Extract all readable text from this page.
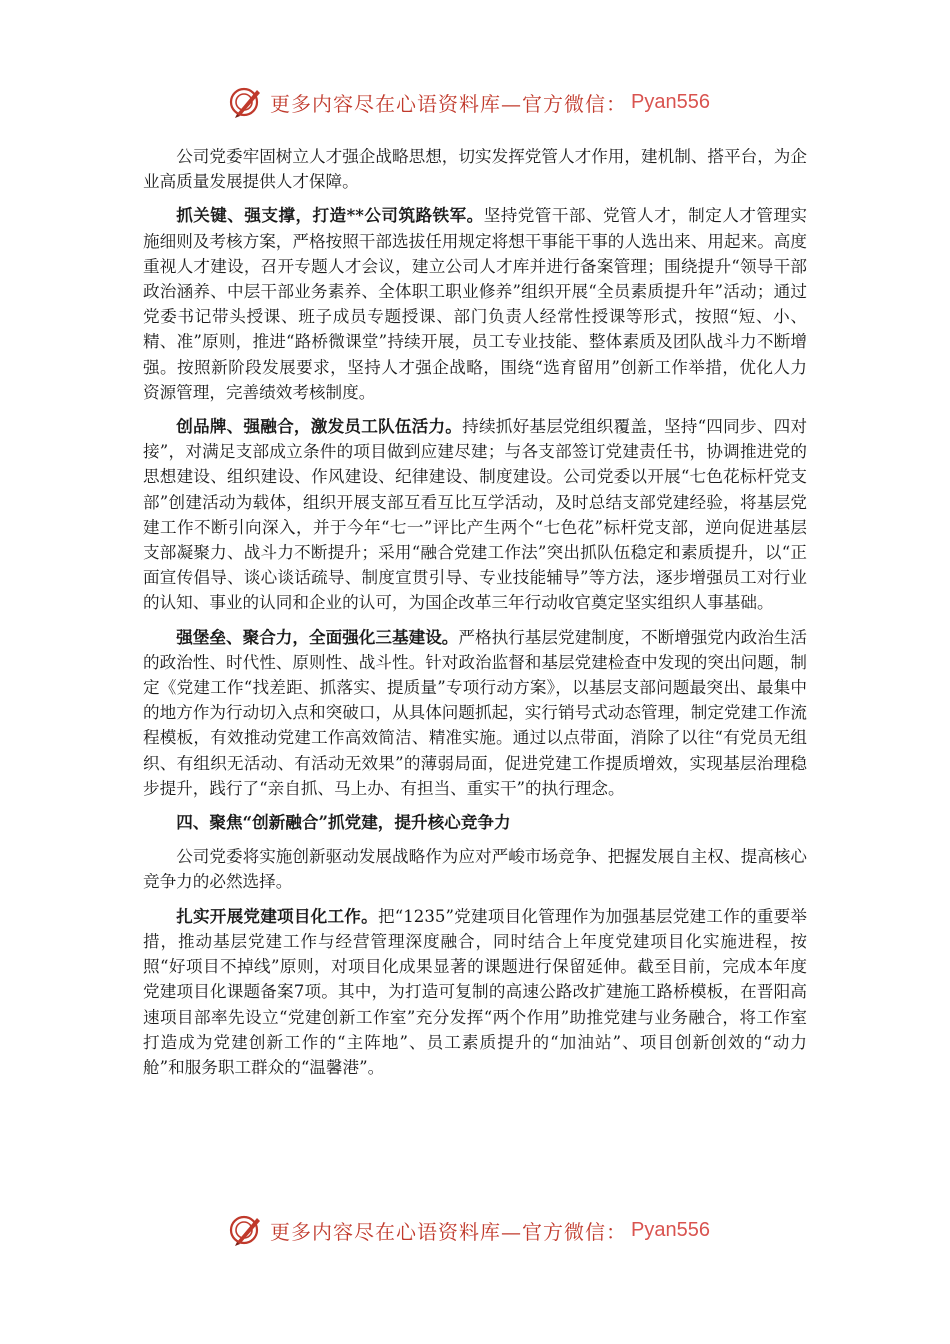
更多内容尽在心语资料库—官方微信： Pyan556

公司党委牢固树立人才强企战略思想，切实发挥党管人才作用，建机制、搭平台，为企业高质量发展提供人才保障。

抓关键、强支撑，打造**公司筑路铁军。坚持党管干部、党管人才，制定人才管理实施细则及考核方案，严格按照干部选拔任用规定将想干事能干事的人选出来、用起来。高度重视人才建设，召开专题人才会议，建立公司人才库并进行备案管理；围绕提升“领导干部政治涵养、中层干部业务素养、全体职工职业修养”组织开展“全员素质提升年”活动；通过党委书记带头授课、班子成员专题授课、部门负责人经常性授课等形式，按照“短、小、精、准”原则，推进“路桥微课堂”持续开展，员工专业技能、整体素质及团队战斗力不断增强。按照新阶段发展要求，坚持人才强企战略，围绕“选育留用”创新工作举措，优化人力资源管理，完善绩效考核制度。

创品牌、强融合，激发员工队伍活力。持续抓好基层党组织覆盖，坚持“四同步、四对接”，对满足支部成立条件的项目做到应建尽建；与各支部签订党建责任书，协调推进党的思想建设、组织建设、作风建设、纪律建设、制度建设。公司党委以开展“七色花标杆党支部”创建活动为载体，组织开展支部互看互比互学活动，及时总结支部党建经验，将基层党建工作不断引向深入，并于今年“七一”评比产生两个“七色花”标杆党支部，逆向促进基层支部凝聚力、战斗力不断提升；采用“融合党建工作法”突出抓队伍稳定和素质提升，以“正面宣传倡导、谈心谈话疏导、制度宣贯引导、专业技能辅导”等方法，逐步增强员工对行业的认知、事业的认同和企业的认可，为国企改革三年行动收官奠定坚实组织人事基础。

强堡垒、聚合力，全面强化三基建设。严格执行基层党建制度，不断增强党内政治生活的政治性、时代性、原则性、战斗性。针对政治监督和基层党建检查中发现的突出问题，制定《党建工作“找差距、抓落实、提质量”专项行动方案》，以基层支部问题最突出、最集中的地方作为行动切入点和突破口，从具体问题抓起，实行销号式动态管理，制定党建工作流程模板，有效推动党建工作高效简洁、精准实施。通过以点带面，消除了以往“有党员无组织、有组织无活动、有活动无效果”的薄弱局面，促进党建工作提质增效，实现基层治理稳步提升，践行了“亲自抓、马上办、有担当、重实干”的执行理念。

四、聚焦“创新融合”抓党建，提升核心竞争力

公司党委将实施创新驱动发展战略作为应对严峻市场竞争、把握发展自主权、提高核心竞争力的必然选择。

扎实开展党建项目化工作。把“1235”党建项目化管理作为加强基层党建工作的重要举措，推动基层党建工作与经营管理深度融合，同时结合上年度党建项目化实施进程，按照“好项目不掉线”原则，对项目化成果显著的课题进行保留延伸。截至目前，完成本年度党建项目化课题备案7项。其中，为打造可复制的高速公路改扩建施工路桥模板，在晋阳高速项目部率先设立“党建创新工作室”充分发挥“两个作用”助推党建与业务融合，将工作室打造成为党建创新工作的“主阵地”、员工素质提升的“加油站”、项目创新创效的“动力舱”和服务职工群众的“温馨港”。

更多内容尽在心语资料库—官方微信： Pyan556
